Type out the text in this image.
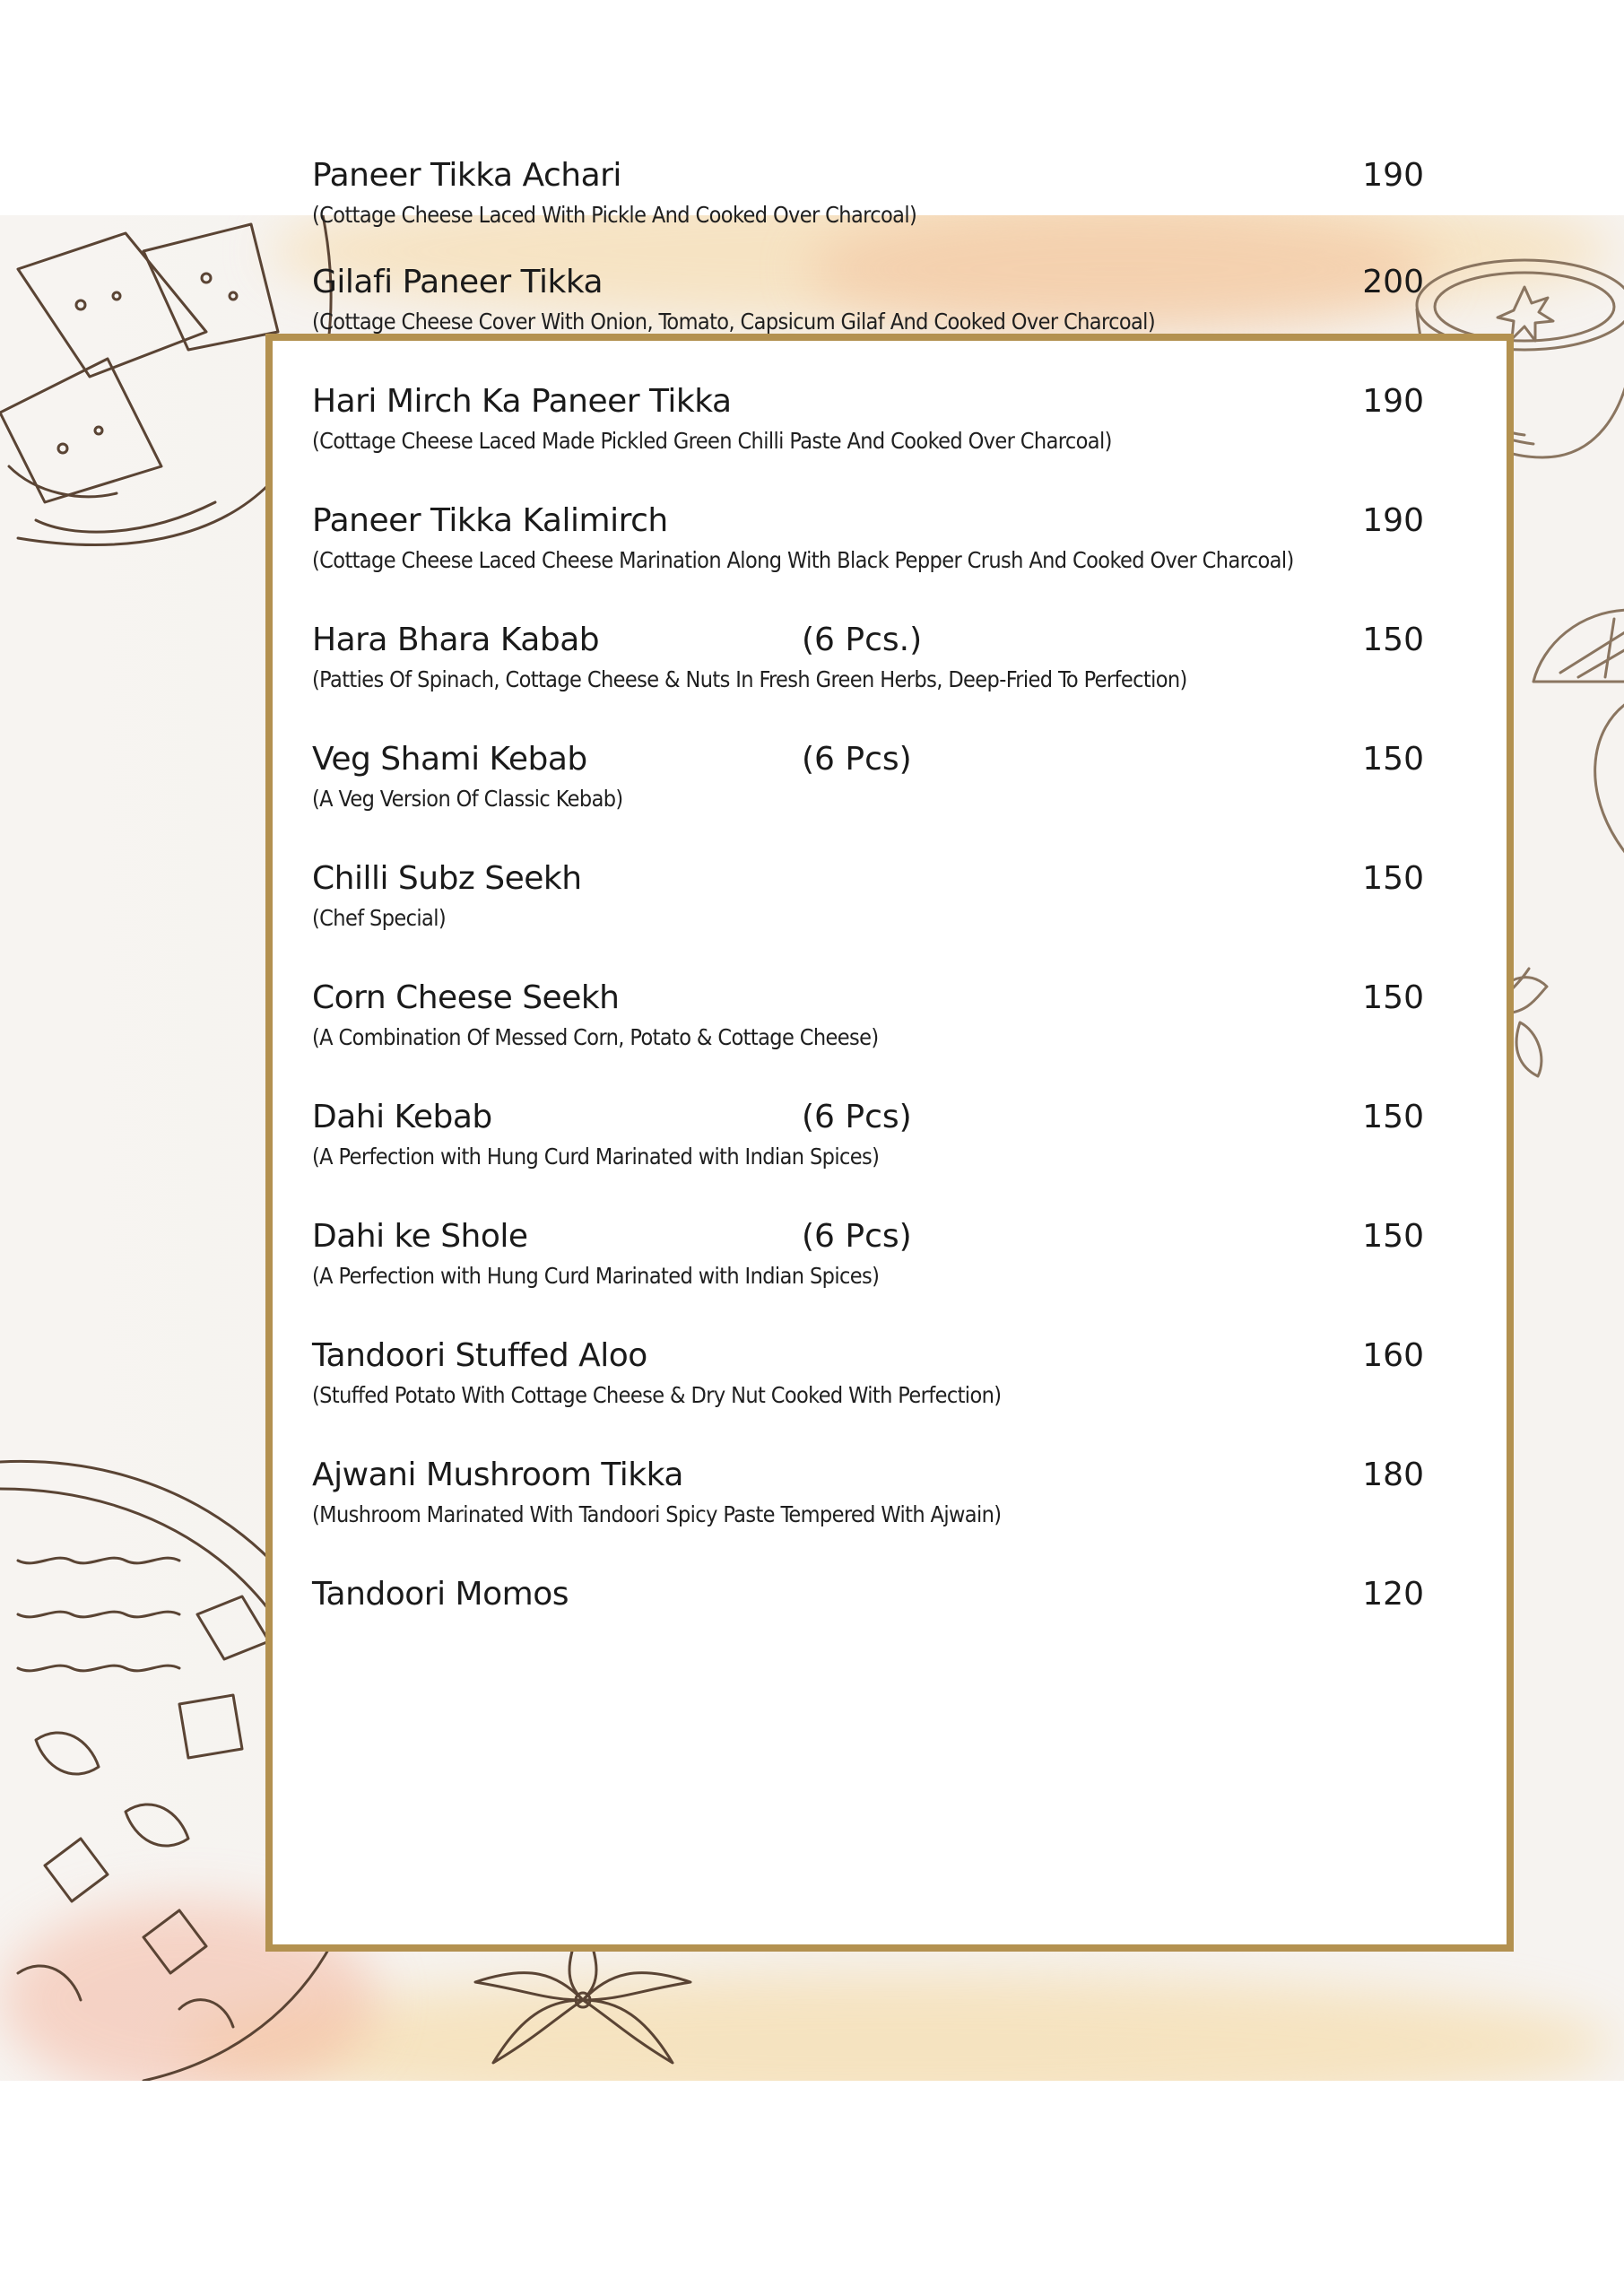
Paneer Tikka Achari	190
(Cottage Cheese Laced With Pickle And Cooked Over Charcoal)
Gilafi Paneer Tikka	200
(Cottage Cheese Cover With Onion, Tomato, Capsicum Gilaf And Cooked Over Charcoal)
Hari Mirch Ka Paneer Tikka	190
(Cottage Cheese Laced Made Pickled Green Chilli Paste And Cooked Over Charcoal)
Paneer Tikka Kalimirch	190
(Cottage Cheese Laced Cheese Marination Along With Black Pepper Crush And Cooked Over Charcoal)
Hara Bhara Kabab	(6 Pcs.)	150
(Patties Of Spinach, Cottage Cheese & Nuts In Fresh Green Herbs, Deep-Fried To Perfection)
Veg Shami Kebab	(6 Pcs)	150
(A Veg Version Of Classic Kebab)
Chilli Subz Seekh	150
(Chef Special)
Corn Cheese Seekh	150
(A Combination Of Messed Corn, Potato & Cottage Cheese)
Dahi Kebab	(6 Pcs)	150
(A Perfection with Hung Curd Marinated with Indian Spices)
Dahi ke Shole	(6 Pcs)	150
(A Perfection with Hung Curd Marinated with Indian Spices)
Tandoori Stuffed Aloo	160
(Stuffed Potato With Cottage Cheese & Dry Nut Cooked With Perfection)
Ajwani Mushroom Tikka	180
(Mushroom Marinated With Tandoori Spicy Paste Tempered With Ajwain)
Tandoori Momos	120
